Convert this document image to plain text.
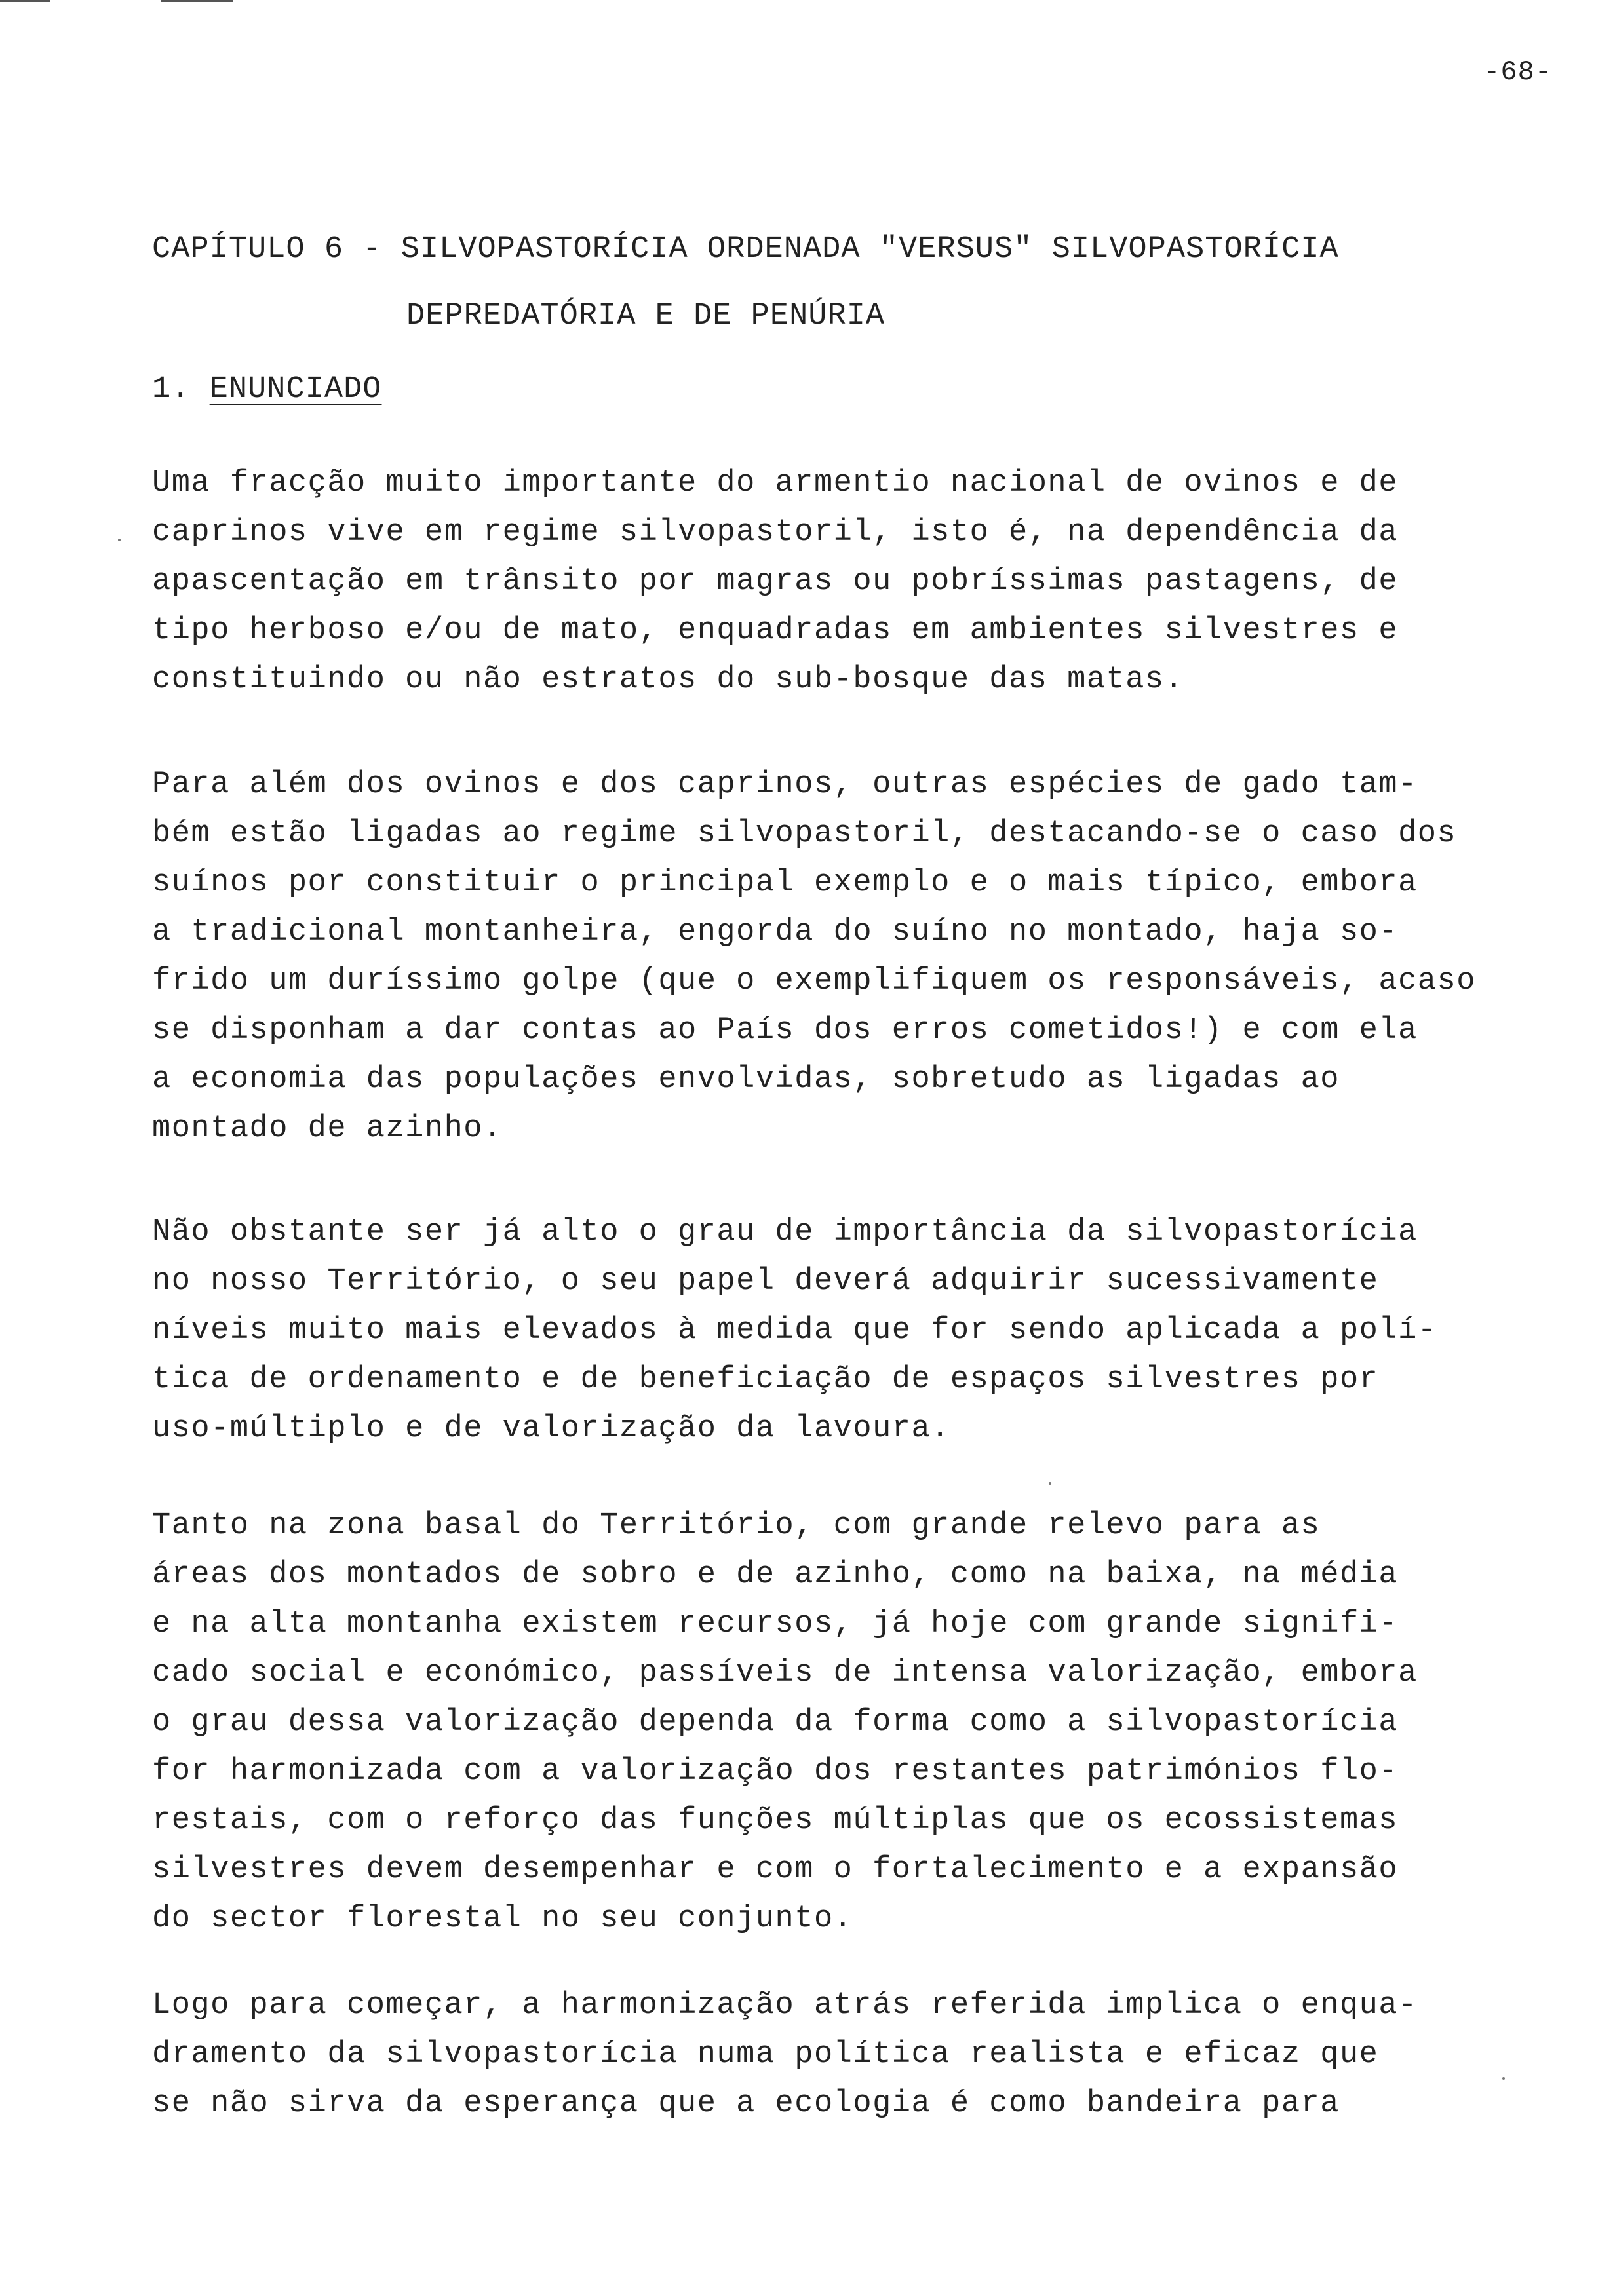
-68-
CAPÍTULO 6 - SILVOPASTORÍCIA ORDENADA "VERSUS" SILVOPASTORÍCIA
DEPREDATÓRIA E DE PENÚRIA
1. ENUNCIADO

Uma fracção muito importante do armentio nacional de ovinos e de
caprinos vive em regime silvopastoril, isto é, na dependência da
apascentação em trânsito por magras ou pobríssimas pastagens, de
tipo herboso e/ou de mato, enquadradas em ambientes silvestres e
constituindo ou não estratos do sub-bosque das matas.

Para além dos ovinos e dos caprinos, outras espécies de gado tam-
bém estão ligadas ao regime silvopastoril, destacando-se o caso dos
suínos por constituir o principal exemplo e o mais típico, embora
a tradicional montanheira, engorda do suíno no montado, haja so-
frido um duríssimo golpe (que o exemplifiquem os responsáveis, acaso
se disponham a dar contas ao País dos erros cometidos!) e com ela
a economia das populações envolvidas, sobretudo as ligadas ao
montado de azinho.

Não obstante ser já alto o grau de importância da silvopastorícia
no nosso Território, o seu papel deverá adquirir sucessivamente
níveis muito mais elevados à medida que for sendo aplicada a polí-
tica de ordenamento e de beneficiação de espaços silvestres por
uso-múltiplo e de valorização da lavoura.

Tanto na zona basal do Território, com grande relevo para as
áreas dos montados de sobro e de azinho, como na baixa, na média
e na alta montanha existem recursos, já hoje com grande signifi-
cado social e económico, passíveis de intensa valorização, embora
o grau dessa valorização dependa da forma como a silvopastorícia
for harmonizada com a valorização dos restantes patrimónios flo-
restais, com o reforço das funções múltiplas que os ecossistemas
silvestres devem desempenhar e com o fortalecimento e a expansão
do sector florestal no seu conjunto.

Logo para começar, a harmonização atrás referida implica o enqua-
dramento da silvopastorícia numa política realista e eficaz que
se não sirva da esperança que a ecologia é como bandeira para
